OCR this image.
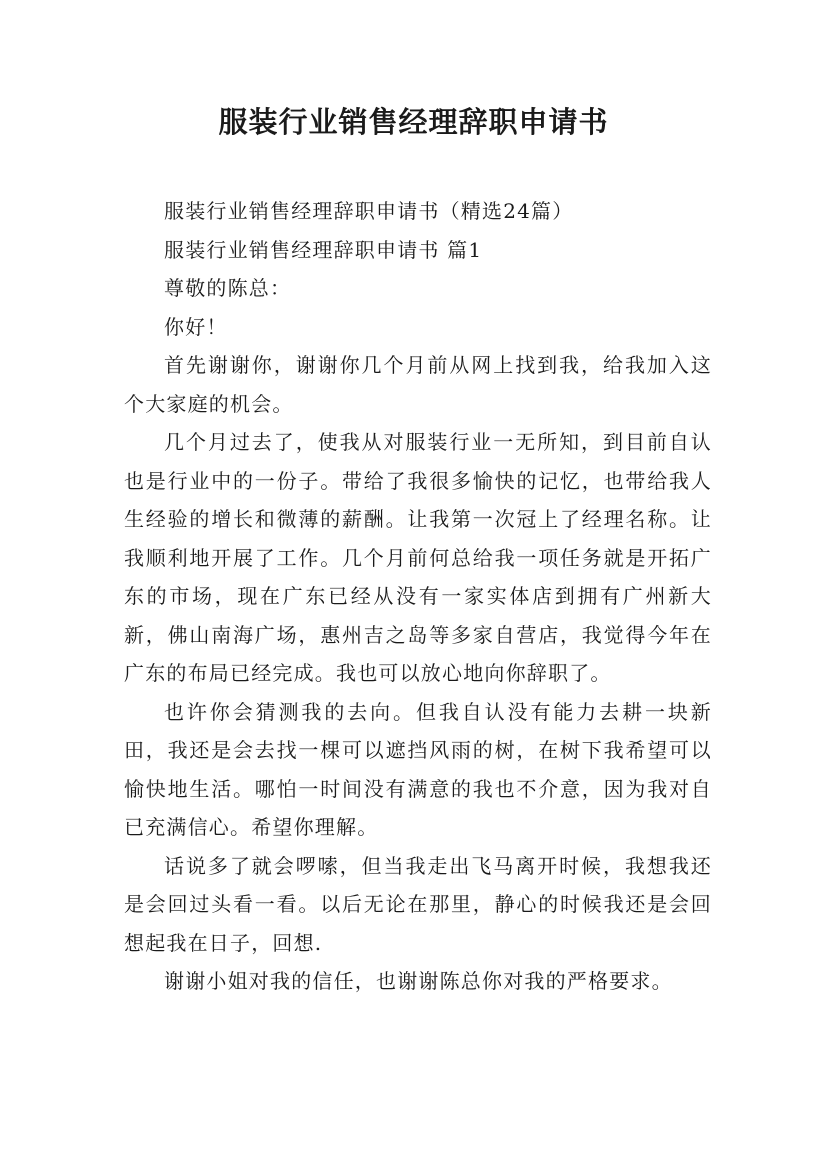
服装行业销售经理辞职申请书

服装行业销售经理辞职申请书（精选24篇）

服装行业销售经理辞职申请书 篇1

尊敬的陈总：

你好！

首先谢谢你，谢谢你几个月前从网上找到我，给我加入这个大家庭的机会。

几个月过去了，使我从对服装行业一无所知，到目前自认也是行业中的一份子。带给了我很多愉快的记忆，也带给我人生经验的增长和微薄的薪酬。让我第一次冠上了经理名称。让我顺利地开展了工作。几个月前何总给我一项任务就是开拓广东的市场，现在广东已经从没有一家实体店到拥有广州新大新，佛山南海广场，惠州吉之岛等多家自营店，我觉得今年在广东的布局已经完成。我也可以放心地向你辞职了。

也许你会猜测我的去向。但我自认没有能力去耕一块新田，我还是会去找一棵可以遮挡风雨的树，在树下我希望可以愉快地生活。哪怕一时间没有满意的我也不介意，因为我对自已充满信心。希望你理解。

话说多了就会啰嗦，但当我走出飞马离开时候，我想我还是会回过头看一看。以后无论在那里，静心的时候我还是会回想起我在日子，回想.

谢谢小姐对我的信任，也谢谢陈总你对我的严格要求。
